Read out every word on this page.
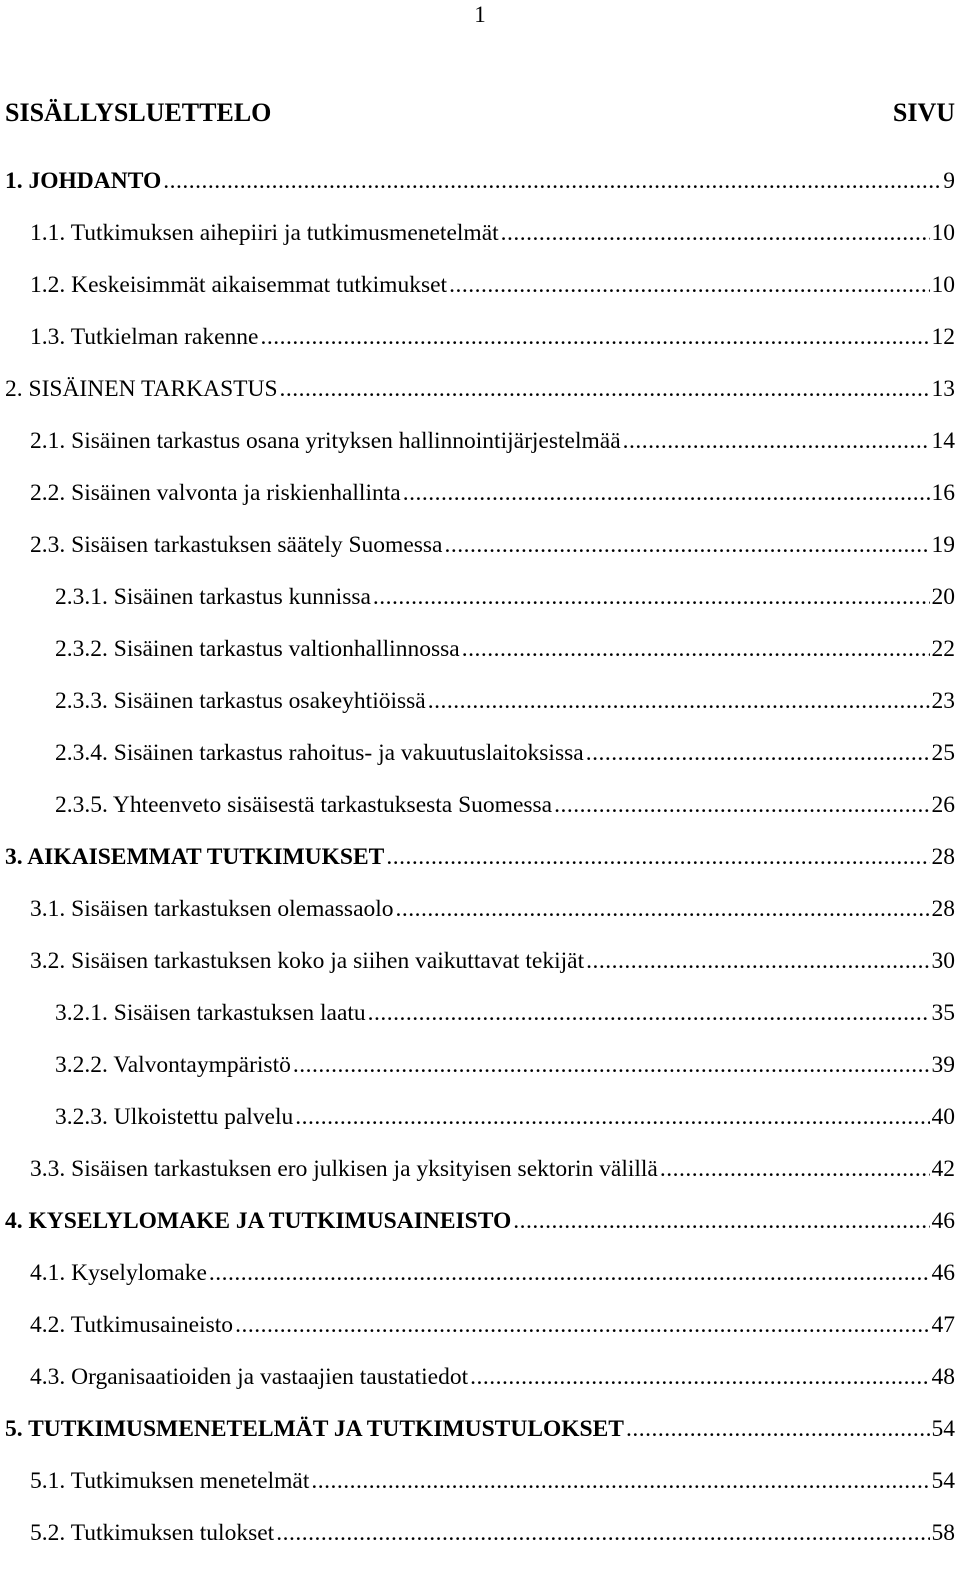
1
SISÄLLYSLUETTELO	SIVU
1. JOHDANTO .....	9
1.1. Tutkimuksen aihepiiri ja tutkimusmenetelmät .....	10
1.2. Keskeisimmät aikaisemmat tutkimukset .....	10
1.3. Tutkielman rakenne .....	12
2. SISÄINEN TARKASTUS .....	13
2.1. Sisäinen tarkastus osana yrityksen hallinnointijärjestelmää .....	14
2.2. Sisäinen valvonta ja riskienhallinta .....	16
2.3. Sisäisen tarkastuksen säätely Suomessa .....	19
2.3.1. Sisäinen tarkastus kunnissa .....	20
2.3.2. Sisäinen tarkastus valtionhallinnossa .....	22
2.3.3. Sisäinen tarkastus osakeyhtiöissä .....	23
2.3.4. Sisäinen tarkastus rahoitus- ja vakuutuslaitoksissa .....	25
2.3.5. Yhteenveto sisäisestä tarkastuksesta Suomessa .....	26
3. AIKAISEMMAT TUTKIMUKSET .....	28
3.1. Sisäisen tarkastuksen olemassaolo .....	28
3.2. Sisäisen tarkastuksen koko ja siihen vaikuttavat tekijät .....	30
3.2.1. Sisäisen tarkastuksen laatu .....	35
3.2.2. Valvontaympäristö .....	39
3.2.3. Ulkoistettu palvelu .....	40
3.3. Sisäisen tarkastuksen ero julkisen ja yksityisen sektorin välillä .....	42
4. KYSELYLOMAKE JA TUTKIMUSAINEISTO .....	46
4.1. Kyselylomake .....	46
4.2. Tutkimusaineisto .....	47
4.3. Organisaatioiden ja vastaajien taustatiedot .....	48
5. TUTKIMUSMENETELMÄT JA TUTKIMUSTULOKSET .....	54
5.1. Tutkimuksen menetelmät .....	54
5.2. Tutkimuksen tulokset .....	58
